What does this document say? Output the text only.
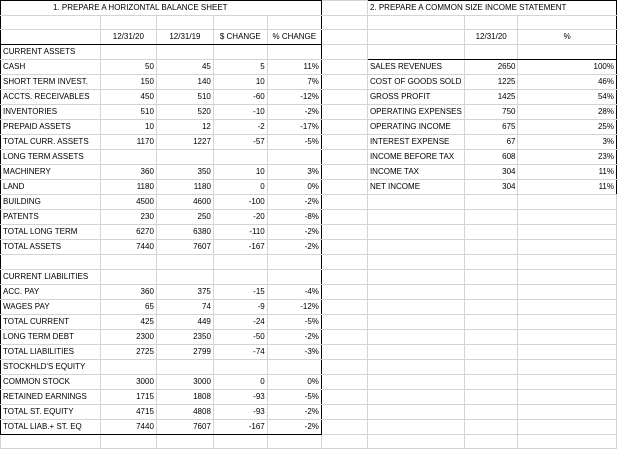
1. PREPARE A HORIZONTAL BALANCE SHEET						2. PREPARE A COMMON SIZE INCOME STATEMENT		

	12/31/20	12/31/19	$ CHANGE	% CHANGE			12/31/20	%
CURRENT ASSETS								
CASH	50	45	5	11%		SALES REVENUES	2650	100%
SHORT TERM INVEST.	150	140	10	7%		COST OF GOODS SOLD	1225	46%
ACCTS. RECEIVABLES	450	510	-60	-12%		GROSS PROFIT	1425	54%
INVENTORIES	510	520	-10	-2%		OPERATING EXPENSES	750	28%
PREPAID ASSETS	10	12	-2	-17%		OPERATING INCOME	675	25%
TOTAL CURR. ASSETS	1170	1227	-57	-5%		INTEREST EXPENSE	67	3%
LONG TERM ASSETS						INCOME BEFORE TAX	608	23%
MACHINERY	360	350	10	3%		INCOME TAX	304	11%
LAND	1180	1180	0	0%		NET INCOME	304	11%
BUILDING	4500	4600	-100	-2%				
PATENTS	230	250	-20	-8%				
TOTAL LONG TERM	6270	6380	-110	-2%				
TOTAL ASSETS	7440	7607	-167	-2%				

CURRENT LIABILITIES								
ACC. PAY	360	375	-15	-4%				
WAGES PAY	65	74	-9	-12%				
TOTAL CURRENT	425	449	-24	-5%				
LONG TERM DEBT	2300	2350	-50	-2%				
TOTAL LIABILITIES	2725	2799	-74	-3%				
STOCKHLD'S EQUITY								
COMMON STOCK	3000	3000	0	0%				
RETAINED EARNINGS	1715	1808	-93	-5%				
TOTAL ST. EQUITY	4715	4808	-93	-2%				
TOTAL LIAB.+ ST. EQ	7440	7607	-167	-2%				
